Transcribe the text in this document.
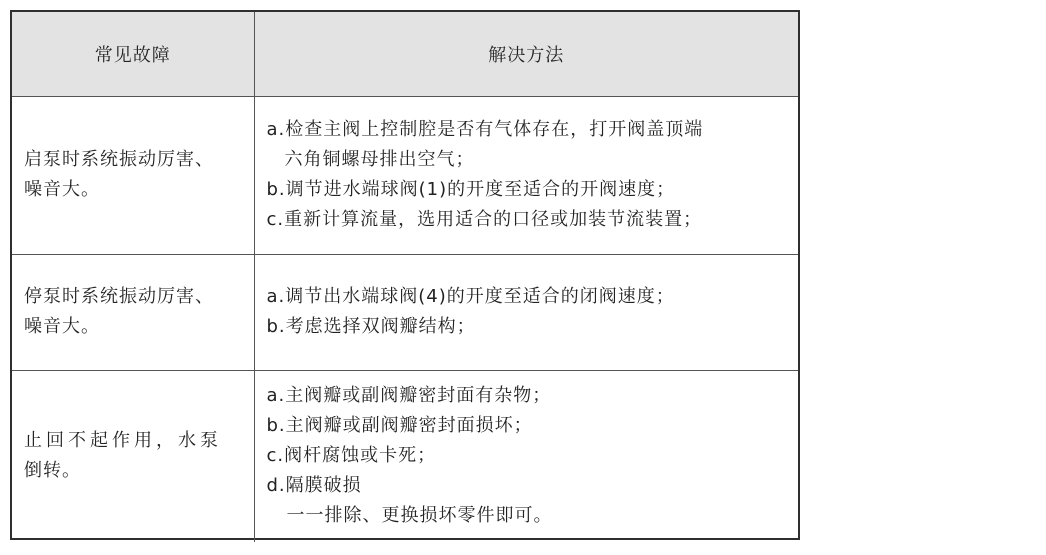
常见故障	解决方法

启泵时系统振动厉害、
噪音大。	a.检查主阀上控制腔是否有气体存在，打开阀盖顶端
六角铜螺母排出空气；
b.调节进水端球阀(1)的开度至适合的开阀速度；
c.重新计算流量，选用适合的口径或加装节流装置；

停泵时系统振动厉害、
噪音大。	a.调节出水端球阀(4)的开度至适合的闭阀速度；
b.考虑选择双阀瓣结构；

止回不起作用，水泵
倒转。	a.主阀瓣或副阀瓣密封面有杂物；
b.主阀瓣或副阀瓣密封面损坏；
c.阀杆腐蚀或卡死；
d.隔膜破损
一一排除、更换损坏零件即可。
